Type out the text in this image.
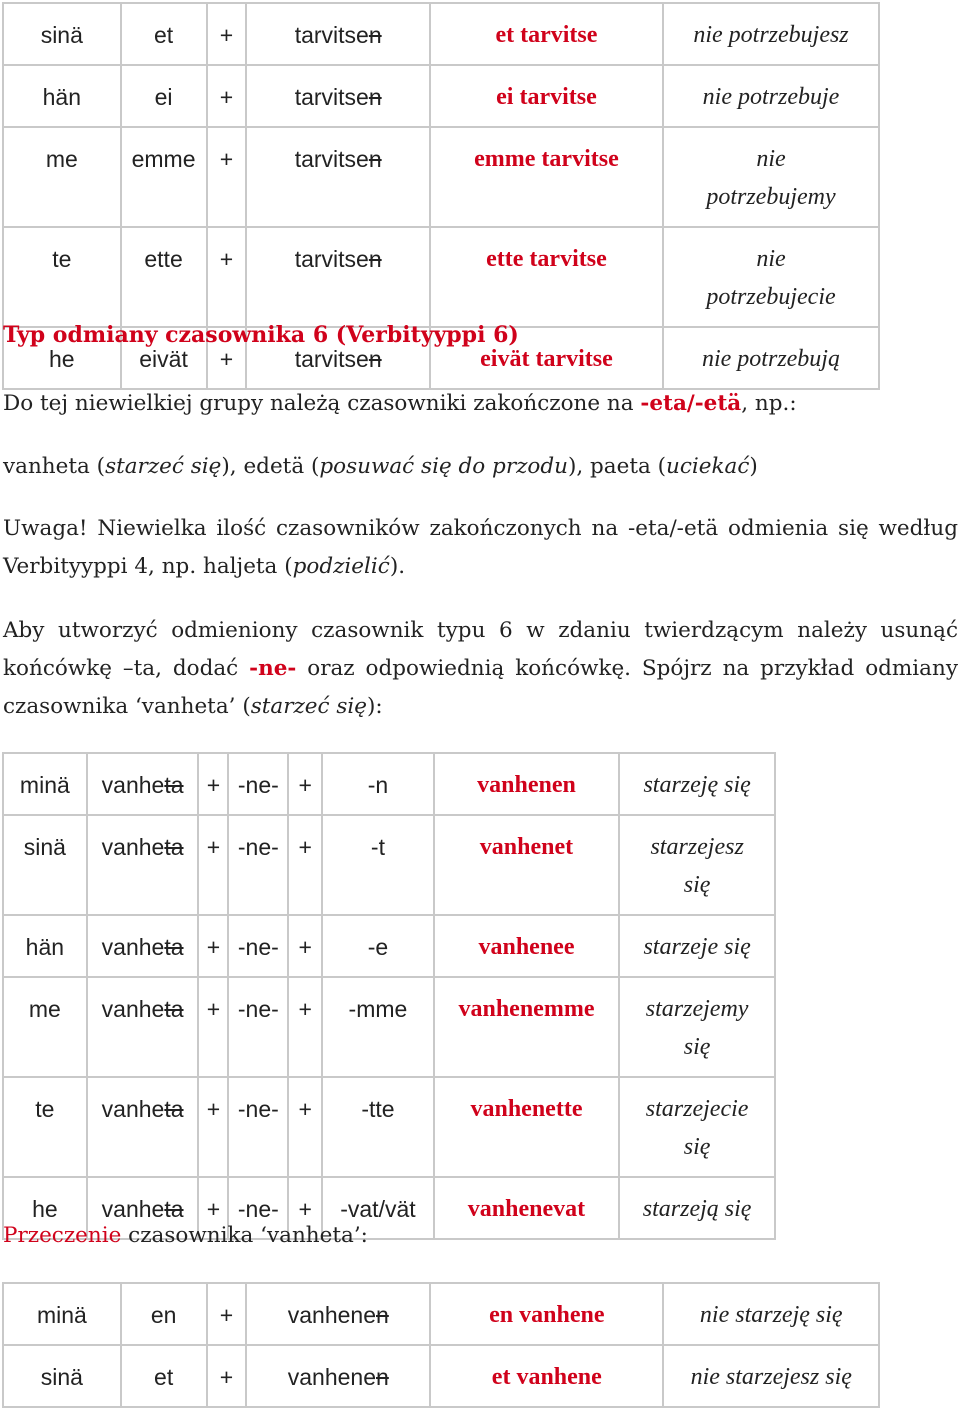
sinä	et	+	tarvitsen	et tarvitse	nie potrzebujesz
hän	ei	+	tarvitsen	ei tarvitse	nie potrzebuje
me	emme	+	tarvitsen	emme tarvitse	nie potrzebujemy
te	ette	+	tarvitsen	ette tarvitse	nie potrzebujecie
he	eivät	+	tarvitsen	eivät tarvitse	nie potrzebują
Typ odmiany czasownika 6 (Verbityyppi 6)

Do tej niewielkiej grupy należą czasowniki zakończone na -eta/-etä, np.:

vanheta (starzeć się), edetä (posuwać się do przodu), paeta (uciekać)

Uwaga! Niewielka ilość czasowników zakończonych na -eta/-etä odmienia się według Verbityyppi 4, np. haljeta (podzielić).

Aby utworzyć odmieniony czasownik typu 6 w zdaniu twierdzącym należy usunąć końcówkę –ta, dodać -ne- oraz odpowiednią końcówkę. Spójrz na przykład odmiany czasownika ‘vanheta’ (starzeć się):

minä	vanheta	+	-ne-	+	-n	vanhenen	starzeję się
sinä	vanheta	+	-ne-	+	-t	vanhenet	starzejesz się
hän	vanheta	+	-ne-	+	-e	vanhenee	starzeje się
me	vanheta	+	-ne-	+	-mme	vanhenemme	starzejemy się
te	vanheta	+	-ne-	+	-tte	vanhenette	starzejecie się
he	vanheta	+	-ne-	+	-vat/vät	vanhenevat	starzeją się

Przeczenie czasownika ‘vanheta’:

minä	en	+	vanhenen	en vanhene	nie starzeję się
sinä	et	+	vanhenen	et vanhene	nie starzejesz się
